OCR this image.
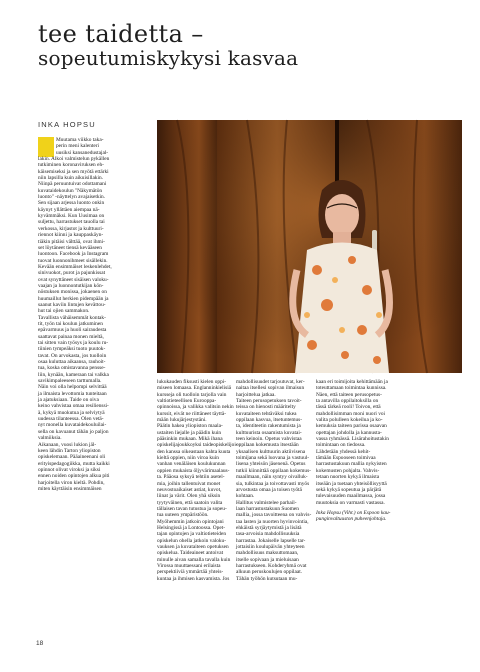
tee taidetta –
sopeutumiskykysi kasvaa
INKA HOPSU
Muutama viikko taka-
perin meni kalenteri
uusiksi kansanedustajal-
lakin. Alkoi valmistelun pykällen
tutkiminen koronaviruksen eh-
käisemiseksi ja sen myötä ettärki
niin lapsilla kuin aikuisillakin.
Niinpä peruuntuivat odottamani
kuvataidekoulun "Näkymätön
luonto" -näyttelyn avajaisetkin.
Sen sijaan arjessa luonto onkin
käynyt yllättäen aiempaa nä-
kyvämmäksi. Kun Uusimaa on
suljettu, harrastukset tauolla tai
verkossa, kirjastot ja kulttuuri-
riennot kiinni ja kauppaskäyn-
tiäkin pitäisi välttää, ovat ihmi-
set löytäneet tiensä kevääseen
luontoon. Facebook ja Instagram
tuovat luonnonihmeet sisällekin.
Kevään ensimmäiset leskenlehdet,
sinivuokot, purot ja pajunkissat
ovat synyttäneet sisäisen valoku-
vaajan ja luonnontutkijan kön-
nöstuksen monissa, jokaenen on
huumaillut herkien pidempään ja
saanut kaviin lintujen kevättou-
hut tai ojien sammakon.
Tavallista vähäisemmät kontak-
tit, työn tai koulun jatkuminen
epävarmuus ja huoli sairaudesta
saattavat painaa monen mieltä,
tai sitten vain työsys ja koulu ru-
tiinien tympeäksi tuoto puutok-
tavat. On arvokasta, jos tuolloin
osaa kuluttaa aikaansa, rauhoit-
tua, koska omistavanna pensse-
liin, kynään, kameraan tai valkka
savikimpaleeseen tarttumalla.
Näin voi olla helpompi selvittää
ja ilmaista levottomia tunteitaan
ja ajatuksiaan. Taide on oiva
keino vahvistaa omaa resilienssi-
ä, kykyä muokutua ja selviytyä
uudessa tilanteessa. Olen vetä-
nyt monella kuvataidekouluilai-
sella on kavuanut tähän jo paljon
valmiiksia.
Aikanaan, vuosi lukion jäl-
keen lähdin Tarton yliopiston
opiskelemaan. Pääaineenani oli
erityispedagogiikka, mutta kaikki
opinnot olivat viroksi ja siksi
ennen noiden opintojen alkua piti
harjoitella viron kieltä. Pohdin,
miten käyttäisin ensimmäisen
lukukauden fiksusti kielen oppi-
miseen lomaasa. Englanninkielisiä
kursseja oli tuolloin tarjolla vain
valtiotieteellisen Eurooppa-
opinnoissa, ja valikka valitsin nekin
kurssit, eivät ne riittäneet täyttä-
mään lukujärjestystäni.
Päätin hakea yliopiston maala-
ustaiten liejalle ja päädin kuin
pääsinkin mukaan. Mikä ihana
opiskelijajoukkoyksi taideopiskelijoi-
den kanssa oikeastaan kahta kuuta
kieltä oppien, niin viroa kuin
vanhan venäläisen koulukunnan
oppien mukaista öljyvärimaalaus-
ta. Pääosa syksyä tehtiin asetel-
mia, joihin tallentuivat monet
neuvostoaikaiset astiat, kuvot,
liinat ja värit. Olen yhä siksin
tyytyväinen, että saatoin valita
tällaisen tavan tutustua ja sopeu-
tua uuteen ympäristöön.
Myöhemmin jatkoin opintojani
Helsingissä ja Lontoossa. Opet-
tajan opintojen ja valtiotieteiden
opiskelun ohella jatkoin valoku-
vauksen ja kuvataiteen opetuksen
opiskelua. Taideaineet antoivat
minulle aivan samalla tavalla kuin
Virossa muuttaessani erilaista
perspektiiviä ymmärtää yhteis-
kuntaa ja ihmisen kasvamista. Jos
mahdollisuudet tarjoutuvat, ker-
naitaa itsellesi sopivan ilmaisun
harjoittelua jatkaa.
Taiteen perusopetuksen tavoit-
teissa on hienosti määritelty
kuvataiteen tehtäväksi tukea
oppilaan kasvua, itsetuntemus-
ta, identiteetin rakentumista ja
kulttuurista osaamista kuvatai-
teen keinoin. Opetus vahvistaa
oppilaan kokemusta itsestään
yksaalisen kulttuurin aktiivisena
toimijana sekä luovana ja vastuul-
lisena yhteisön jäsenenä. Opetus
tutkii kiinnittää oppilaan kokemus-
maailmaan, näin syntyy oivalluk-
sia, tulkintaa ja toivottavasti myös
arvostusta omaa ja toisen työtä
kohtaan.
Hallitus valmistelee parhail-
laan harrastustakuun Suomen
mallia, jossa tavoitteena on vahvis-
taa lasten ja nuorten hyvinvointia,
ehkäistä syrjäytymistä ja lisätä
tasa-arvoisia mahdollisuuksia
harrastaa. Jokaiselle lapselle tar-
jottaisiin koulupäivän yhteyteen
mahdollisuus maksuttomaan,
itselle sopivaan ja mieluisaan
harrastukseen. Kohderyhmä ovat
alkuun peruskoulujen oppilaat.
Tähän työhön kutsutaan mu-
kaan eri toimijoita kehittämään ja
toteuttamaan toimintaa kunnissa.
Näen, että taiteen perusopetus-
ta antavilla oppilaitoksilla on
tässä tärkeä rooli! Toivon, että
mahdollisimman moni nuori voi
valita polulleen kokeilua ja ko-
kemuksia taiteen parissa osaavan
opettajan johdolla ja kannusta-
vassa ryhmässä. Lisärahoitustakin
toimintaan on tiedossa.
Lähdetään yhdessä kehit-
tämään Espooseen toimivaa
harrastustakuun mallia nykyisten
kokemusten pohjalta. Vahvis-
tetaan nuorten kykyä ilmaista
itseään ja tuetaan yhteisöllisyyttä
sekä kykyä sopeutua ja pärjätä
tulevaisuuden maailmassa, jossa
muutoksia on varmasti vastassa.
Inka Hopsu (Vihr.) on Espoon kau-
punginvaltuuston puheenjohtaja.
18
